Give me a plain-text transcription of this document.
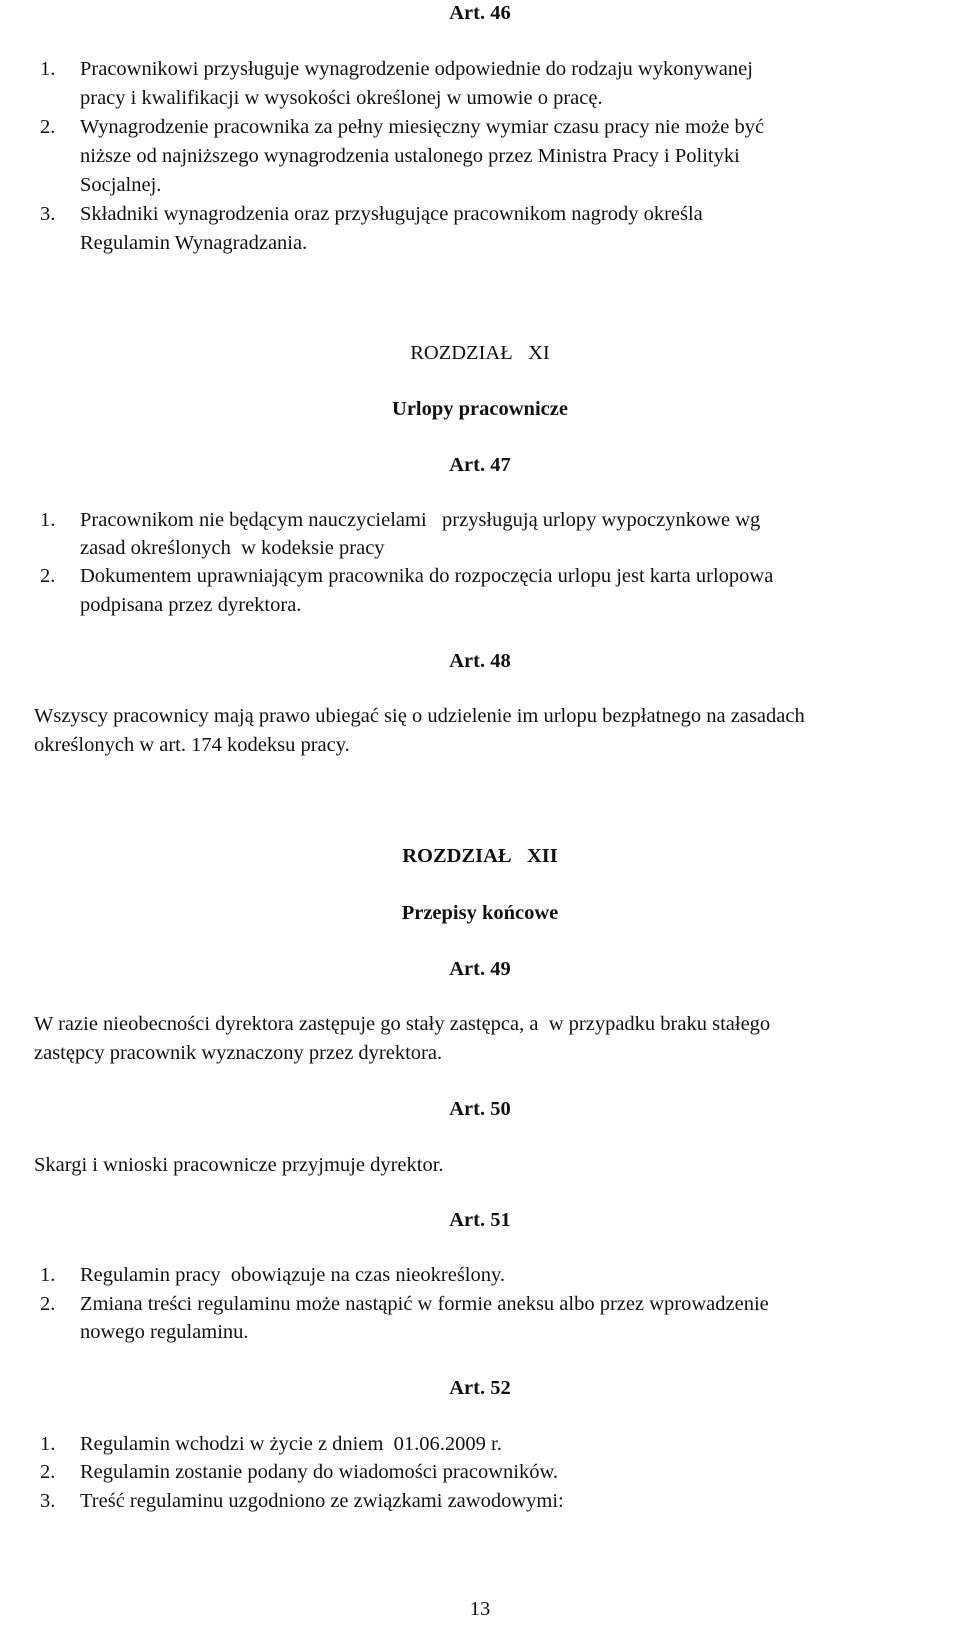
Art. 46
1. Pracownikowi przysługuje wynagrodzenie odpowiednie do rodzaju wykonywanej
pracy i kwalifikacji w wysokości określonej w umowie o pracę.
2. Wynagrodzenie pracownika za pełny miesięczny wymiar czasu pracy nie może być
niższe od najniższego wynagrodzenia ustalonego przez Ministra Pracy i Polityki
Socjalnej.
3. Składniki wynagrodzenia oraz przysługujące pracownikom nagrody określa
Regulamin Wynagradzania.
ROZDZIAŁ   XI
Urlopy pracownicze
Art. 47
1. Pracownikom nie będącym nauczycielami   przysługują urlopy wypoczynkowe wg
zasad określonych  w kodeksie pracy
2. Dokumentem uprawniającym pracownika do rozpoczęcia urlopu jest karta urlopowa
podpisana przez dyrektora.
Art. 48
Wszyscy pracownicy mają prawo ubiegać się o udzielenie im urlopu bezpłatnego na zasadach
określonych w art. 174 kodeksu pracy.
ROZDZIAŁ   XII
Przepisy końcowe
Art. 49
W razie nieobecności dyrektora zastępuje go stały zastępca, a  w przypadku braku stałego
zastępcy pracownik wyznaczony przez dyrektora.
Art. 50
Skargi i wnioski pracownicze przyjmuje dyrektor.
Art. 51
1. Regulamin pracy  obowiązuje na czas nieokreślony.
2. Zmiana treści regulaminu może nastąpić w formie aneksu albo przez wprowadzenie
nowego regulaminu.
Art. 52
1. Regulamin wchodzi w życie z dniem  01.06.2009 r.
2. Regulamin zostanie podany do wiadomości pracowników.
3. Treść regulaminu uzgodniono ze związkami zawodowymi:
13
